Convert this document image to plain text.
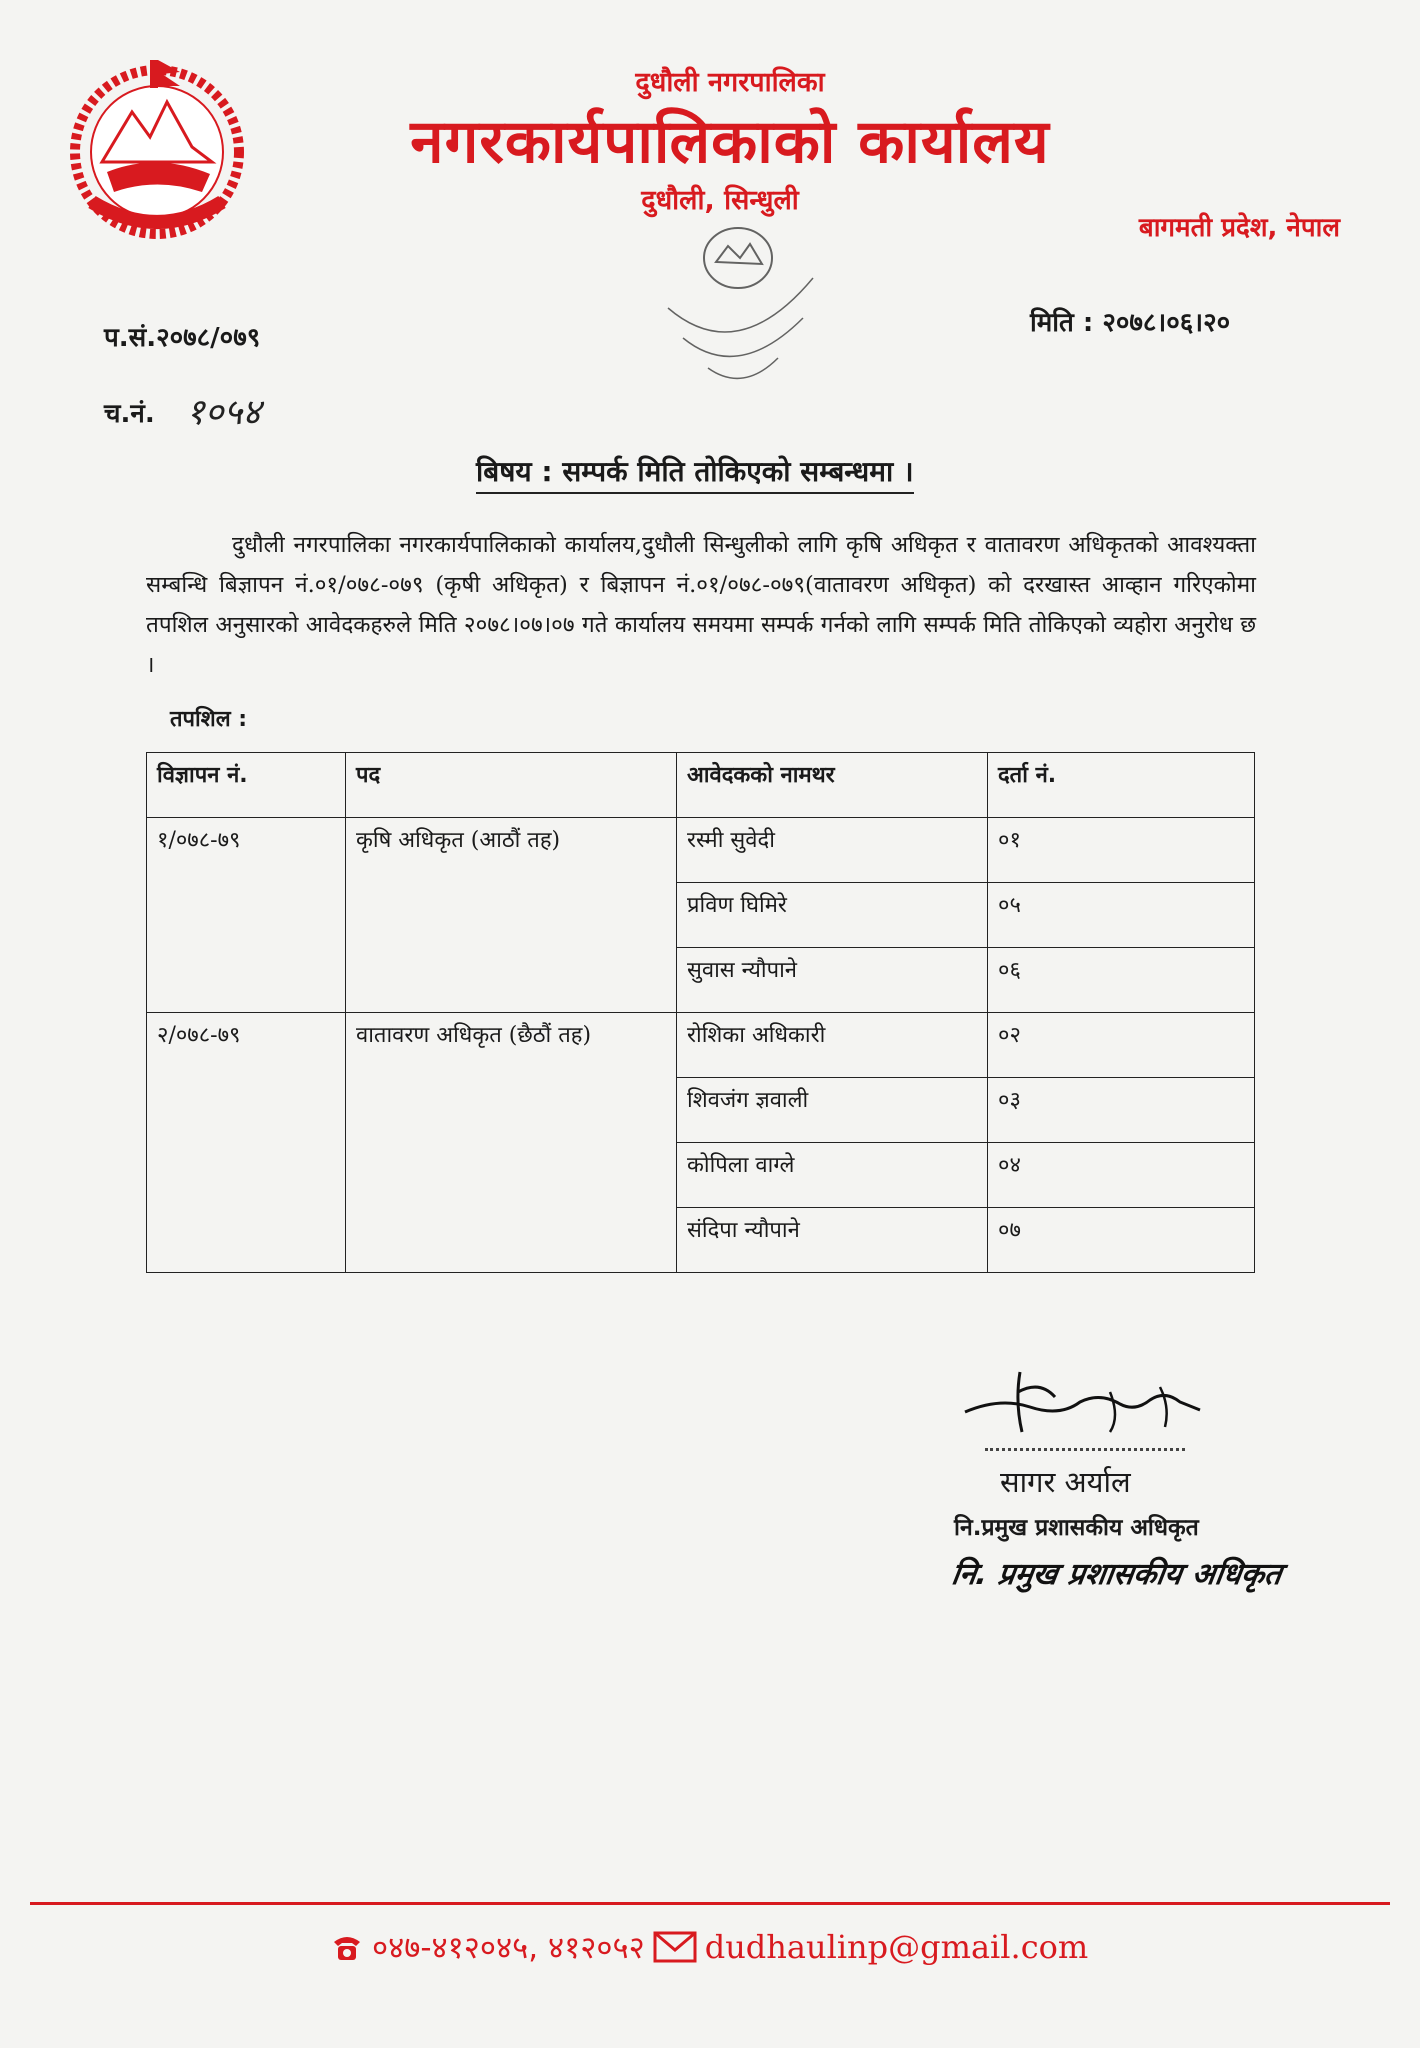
दुधौली नगरपालिका
नगरकार्यपालिकाको कार्यालय
दुधौली, सिन्धुली
बागमती प्रदेश, नेपाल
प.सं.२०७८/०७९
च.नं. १०५४
मिति : २०७८।०६।२०
बिषय : सम्पर्क मिति तोकिएको सम्बन्धमा ।
दुधौली नगरपालिका नगरकार्यपालिकाको कार्यालय,दुधौली सिन्धुलीको लागि कृषि अधिकृत र वातावरण अधिकृतको आवश्यक्ता सम्बन्धि बिज्ञापन नं.०१/०७८-०७९ (कृषी अधिकृत) र बिज्ञापन नं.०१/०७८-०७९(वातावरण अधिकृत) को दरखास्त आव्हान गरिएकोमा तपशिल अनुसारको आवेदकहरुले मिति २०७८।०७।०७ गते कार्यालय समयमा सम्पर्क गर्नको लागि सम्पर्क मिति तोकिएको व्यहोरा अनुरोध छ ।
तपशिल :
विज्ञापन नं.	पद	आवेदकको नामथर	दर्ता नं.
१/०७८-७९	कृषि अधिकृत (आठौं तह)	रस्मी सुवेदी	०१
		प्रविण घिमिरे	०५
		सुवास न्यौपाने	०६
२/०७८-७९	वातावरण अधिकृत (छैठौं तह)	रोशिका अधिकारी	०२
		शिवजंग ज्ञवाली	०३
		कोपिला वाग्ले	०४
		संदिपा न्यौपाने	०७
सागर अर्याल
नि.प्रमुख प्रशासकीय अधिकृत
नि. प्रमुख प्रशासकीय अधिकृत
०४७-४१२०४५, ४१२०५२ dudhaulinp@gmail.com
